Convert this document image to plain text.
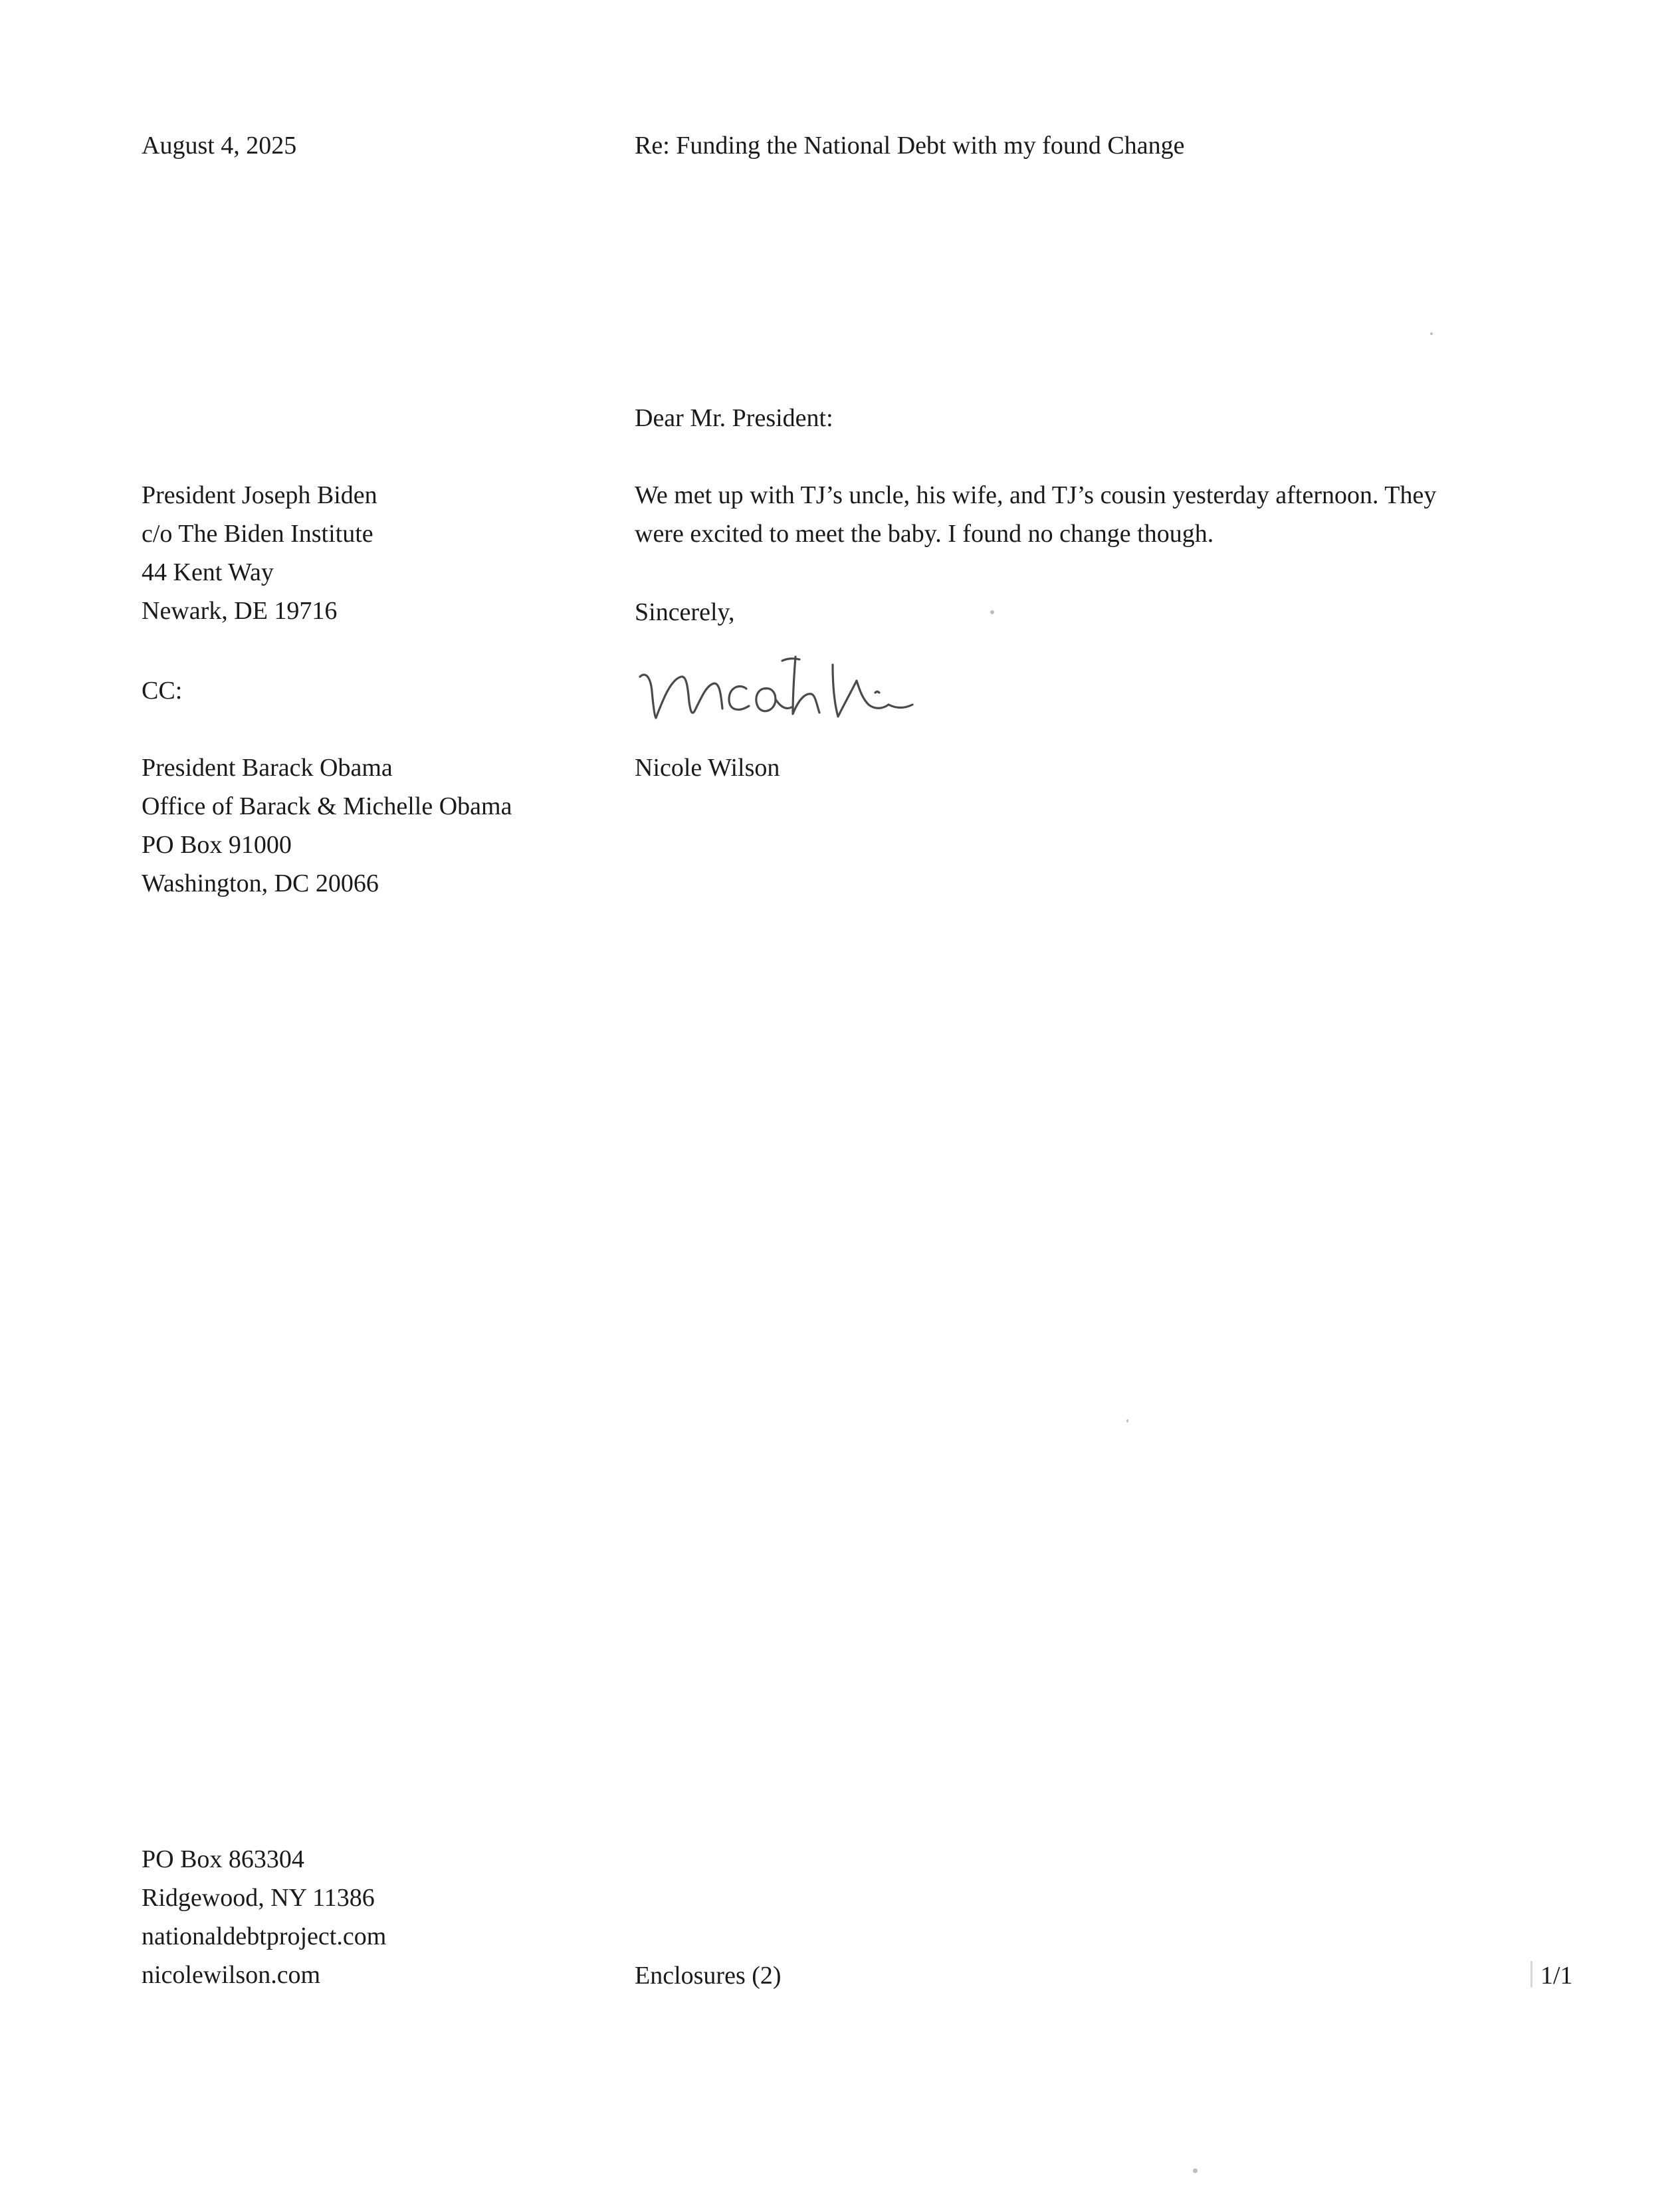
August 4, 2025	Re: Funding the National Debt with my found Change
Dear Mr. President:
President Joseph Biden
c/o The Biden Institute
44 Kent Way
Newark, DE 19716
CC:
President Barack Obama
Office of Barack & Michelle Obama
PO Box 91000
Washington, DC 20066
We met up with TJ’s uncle, his wife, and TJ’s cousin yesterday afternoon. They
were excited to meet the baby. I found no change though.
Sincerely,
Nicole Wilson
PO Box 863304
Ridgewood, NY 11386
nationaldebtproject.com
nicolewilson.com	Enclosures (2)	1/1
